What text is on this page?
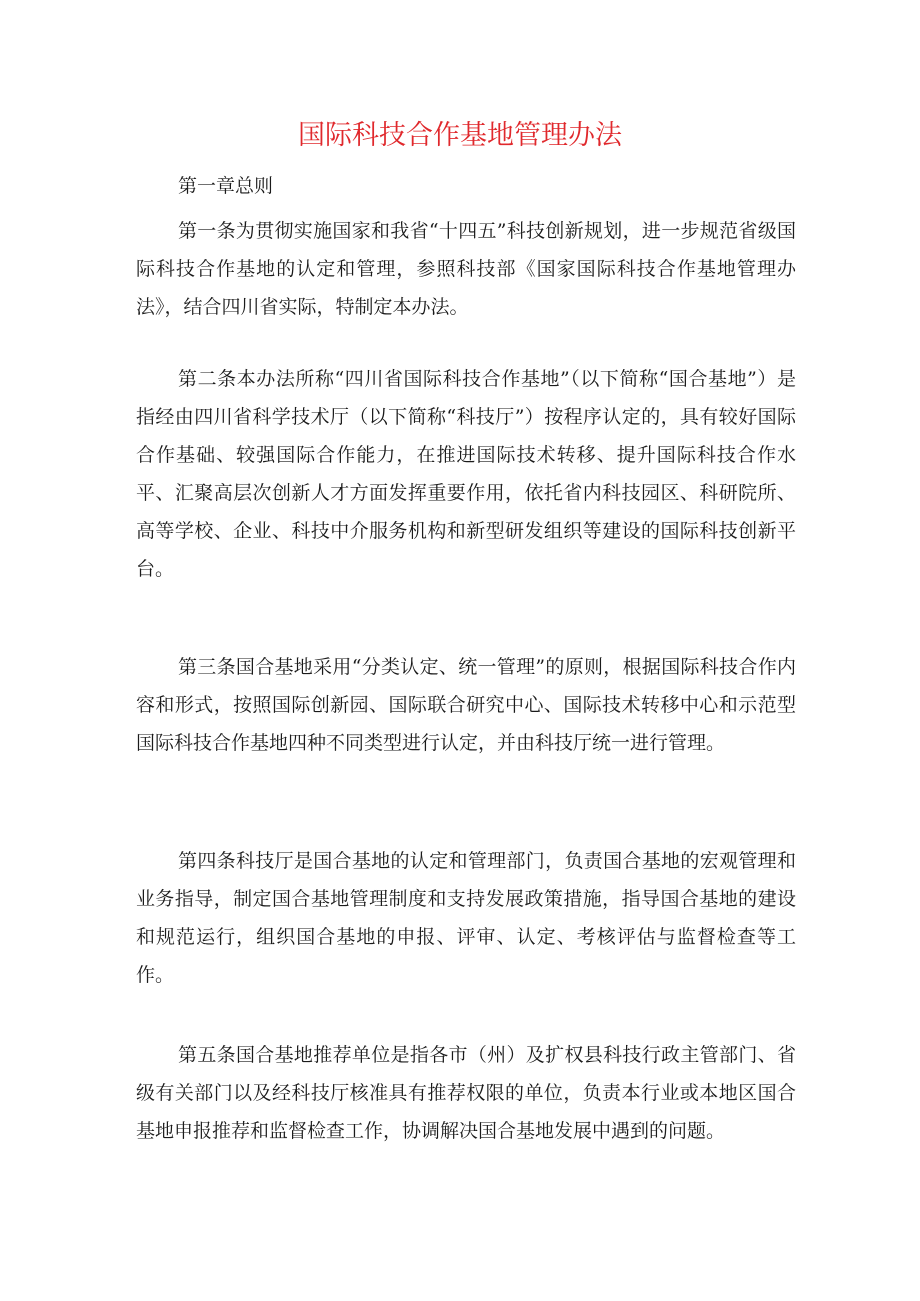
国际科技合作基地管理办法

第一章总则

第一条为贯彻实施国家和我省“十四五”科技创新规划，进一步规范省级国际科技合作基地的认定和管理，参照科技部《国家国际科技合作基地管理办法》，结合四川省实际，特制定本办法。

第二条本办法所称“四川省国际科技合作基地”（以下简称“国合基地”）是指经由四川省科学技术厅（以下简称“科技厅”）按程序认定的，具有较好国际合作基础、较强国际合作能力，在推进国际技术转移、提升国际科技合作水平、汇聚高层次创新人才方面发挥重要作用，依托省内科技园区、科研院所、高等学校、企业、科技中介服务机构和新型研发组织等建设的国际科技创新平台。

第三条国合基地采用“分类认定、统一管理”的原则，根据国际科技合作内容和形式，按照国际创新园、国际联合研究中心、国际技术转移中心和示范型国际科技合作基地四种不同类型进行认定，并由科技厅统一进行管理。

第四条科技厅是国合基地的认定和管理部门，负责国合基地的宏观管理和业务指导，制定国合基地管理制度和支持发展政策措施，指导国合基地的建设和规范运行，组织国合基地的申报、评审、认定、考核评估与监督检查等工作。

第五条国合基地推荐单位是指各市（州）及扩权县科技行政主管部门、省级有关部门以及经科技厅核准具有推荐权限的单位，负责本行业或本地区国合基地申报推荐和监督检查工作，协调解决国合基地发展中遇到的问题。
